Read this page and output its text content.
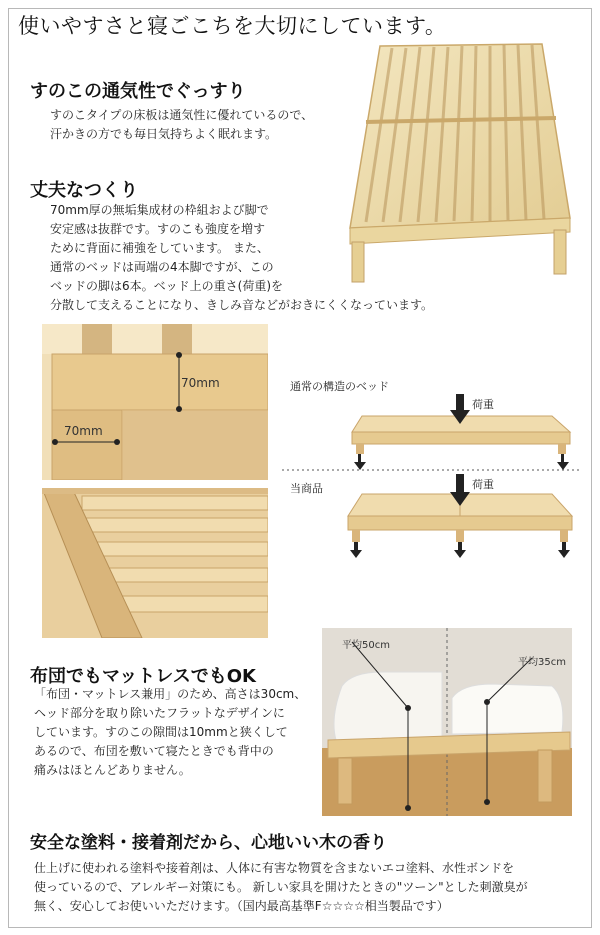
使いやすさと寝ごこちを大切にしています。
すのこの通気性でぐっすり
すのこタイプの床板は通気性に優れているので、
汗かきの方でも毎日気持ちよく眠れます。
丈夫なつくり
70mm厚の無垢集成材の枠組および脚で
安定感は抜群です。すのこも強度を増す
ために背面に補強をしています。 また、
通常のベッドは両端の4本脚ですが、この
ベッドの脚は6本。ベッド上の重さ(荷重)を
分散して支えることになり、きしみ音などがおきにくくなっています。
70mm
70mm
通常の構造のベッド
荷重
当商品	荷重
布団でもマットレスでもOK
「布団・マットレス兼用」のため、高さは30cm、
ヘッド部分を取り除いたフラットなデザインに
しています。すのこの隙間は10mmと狭くして
あるので、布団を敷いて寝たときでも背中の
痛みはほとんどありません。
平均50cm
平均35cm
安全な塗料・接着剤だから、心地いい木の香り
仕上げに使われる塗料や接着剤は、人体に有害な物質を含まないエコ塗料、水性ボンドを
使っているので、アレルギー対策にも。 新しい家具を開けたときの"ツーン"とした刺激臭が
無く、安心してお使いいただけます。（国内最高基準F☆☆☆☆相当製品です）
